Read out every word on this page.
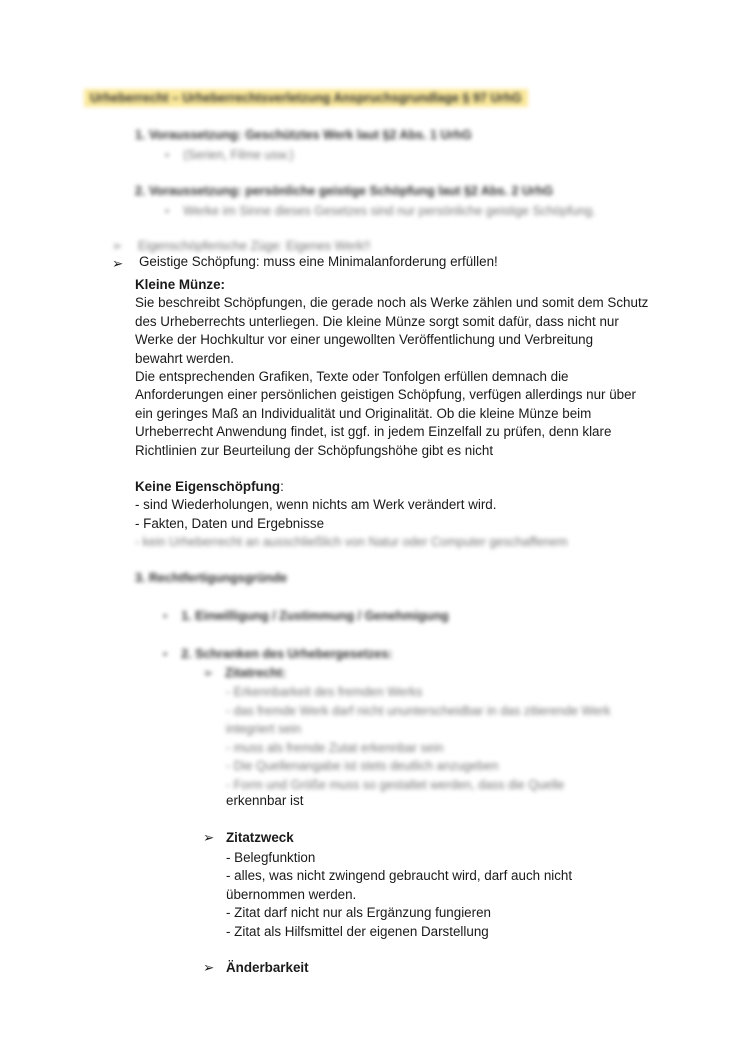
Urheberrecht – Urheberrechtsverletzung Anspruchsgrundlage § 97 UrhG
1. Voraussetzung: Geschütztes Werk laut §2 Abs. 1 UrhG
● (Serien, Filme usw.)
2. Voraussetzung: persönliche geistige Schöpfung laut §2 Abs. 2 UrhG
● Werke im Sinne dieses Gesetzes sind nur persönliche geistige Schöpfung.
➢ Eigenschöpferische Züge: Eigenes Werk!!
➢ Geistige Schöpfung: muss eine Minimalanforderung erfüllen!
Kleine Münze:
Sie beschreibt Schöpfungen, die gerade noch als Werke zählen und somit dem Schutz
des Urheberrechts unterliegen. Die kleine Münze sorgt somit dafür, dass nicht nur
Werke der Hochkultur vor einer ungewollten Veröffentlichung und Verbreitung
bewahrt werden.
Die entsprechenden Grafiken, Texte oder Tonfolgen erfüllen demnach die
Anforderungen einer persönlichen geistigen Schöpfung, verfügen allerdings nur über
ein geringes Maß an Individualität und Originalität. Ob die kleine Münze beim
Urheberrecht Anwendung findet, ist ggf. in jedem Einzelfall zu prüfen, denn klare
Richtlinien zur Beurteilung der Schöpfungshöhe gibt es nicht
Keine Eigenschöpfung:
- sind Wiederholungen, wenn nichts am Werk verändert wird.
- Fakten, Daten und Ergebnisse
- kein Urheberrecht an ausschließlich von Natur oder Computer geschaffenem
3. Rechtfertigungsgründe
● 1. Einwilligung / Zustimmung / Genehmigung
● 2. Schranken des Urhebergesetzes:
➢ Zitatrecht:
- Erkennbarkeit des fremden Werks
- das fremde Werk darf nicht ununterscheidbar in das zitierende Werk
integriert sein
- muss als fremde Zutat erkennbar sein
- Die Quellenangabe ist stets deutlich anzugeben
- Form und Größe muss so gestaltet werden, dass die Quelle
erkennbar ist
➢ Zitatzweck
- Belegfunktion
- alles, was nicht zwingend gebraucht wird, darf auch nicht
übernommen werden.
- Zitat darf nicht nur als Ergänzung fungieren
- Zitat als Hilfsmittel der eigenen Darstellung
➢ Änderbarkeit
